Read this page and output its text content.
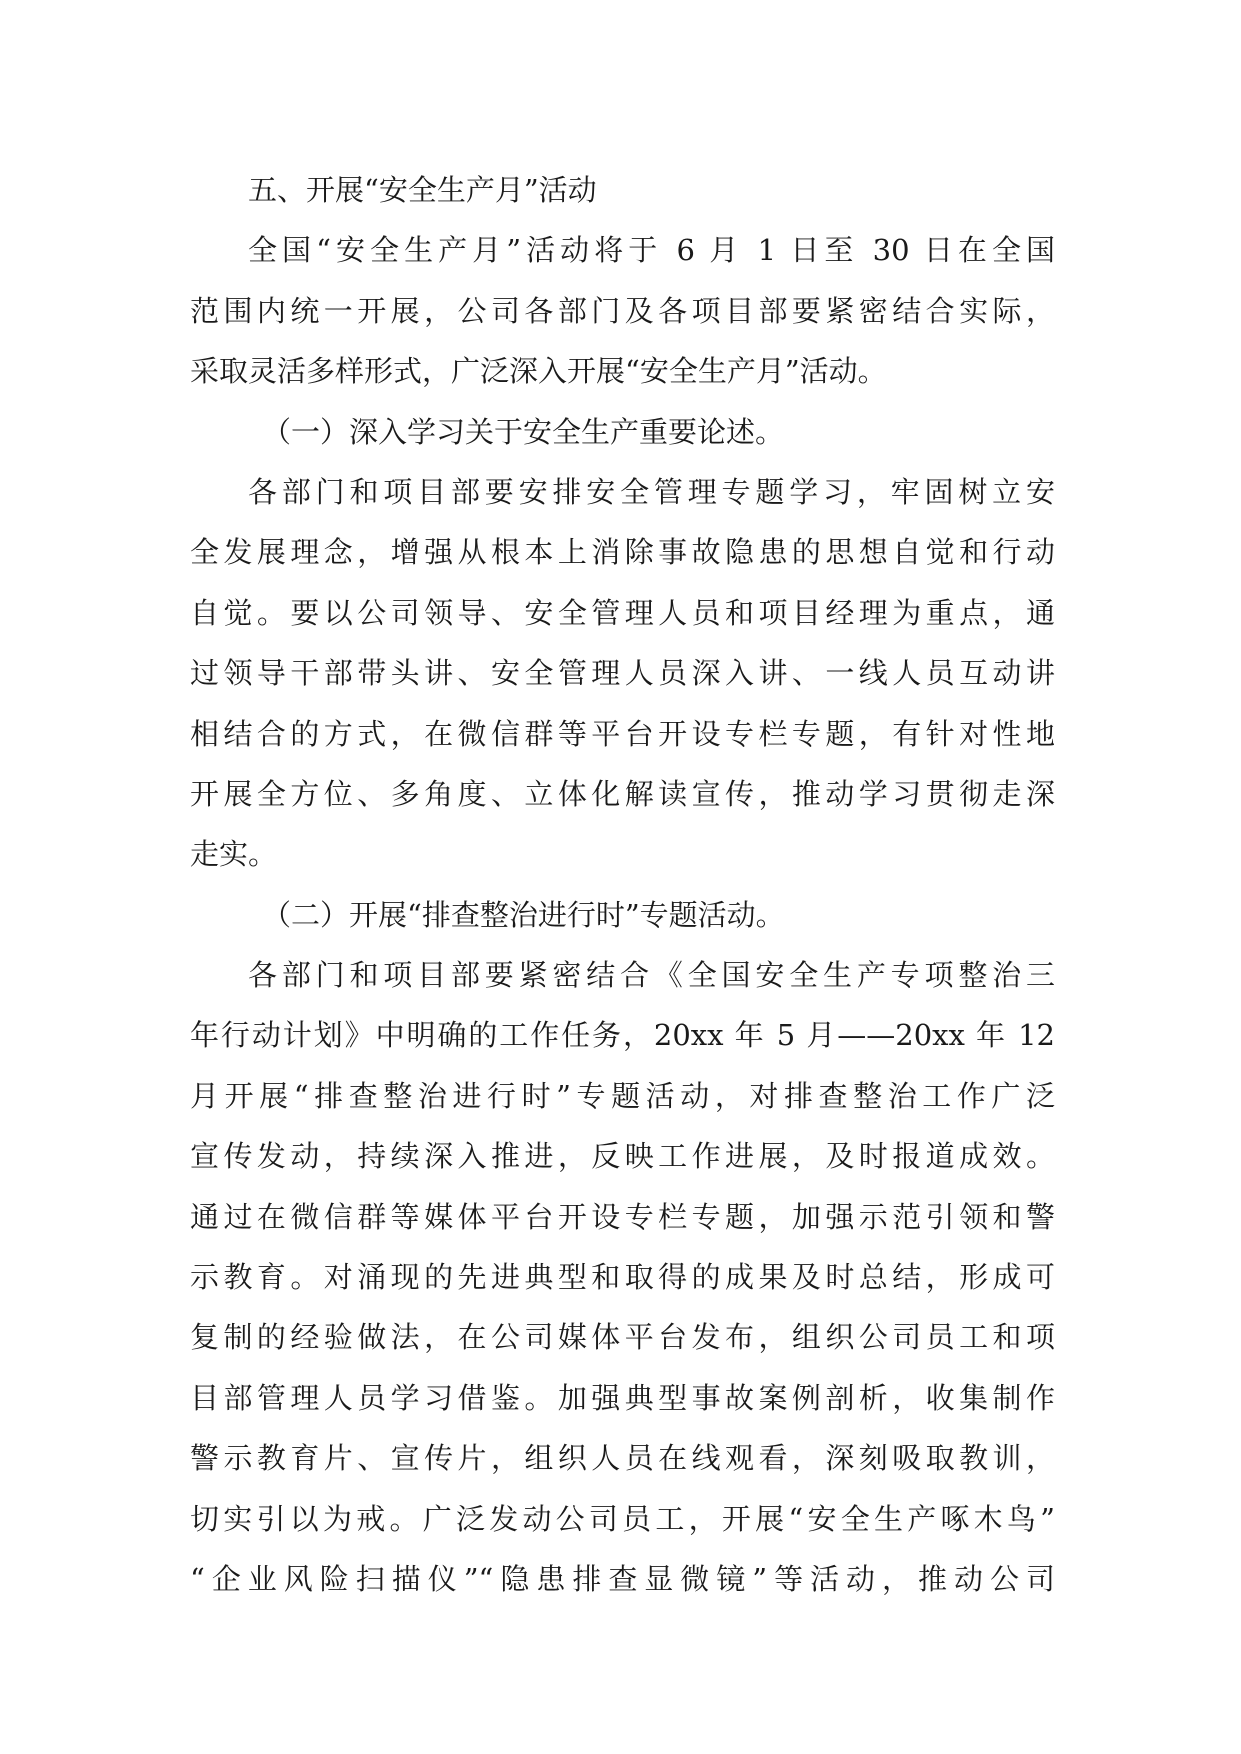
五、开展“安全生产月”活动
全国“安全生产月”活动将于 6 月 1 日至 30 日在全国
范围内统一开展，公司各部门及各项目部要紧密结合实际，
采取灵活多样形式，广泛深入开展“安全生产月”活动。
（一）深入学习关于安全生产重要论述。
各部门和项目部要安排安全管理专题学习，牢固树立安
全发展理念，增强从根本上消除事故隐患的思想自觉和行动
自觉。要以公司领导、安全管理人员和项目经理为重点，通
过领导干部带头讲、安全管理人员深入讲、一线人员互动讲
相结合的方式，在微信群等平台开设专栏专题，有针对性地
开展全方位、多角度、立体化解读宣传，推动学习贯彻走深
走实。
（二）开展“排查整治进行时”专题活动。
各部门和项目部要紧密结合《全国安全生产专项整治三
年行动计划》中明确的工作任务，20xx 年 5 月——20xx 年 12
月开展“排查整治进行时”专题活动，对排查整治工作广泛
宣传发动，持续深入推进，反映工作进展，及时报道成效。
通过在微信群等媒体平台开设专栏专题，加强示范引领和警
示教育。对涌现的先进典型和取得的成果及时总结，形成可
复制的经验做法，在公司媒体平台发布，组织公司员工和项
目部管理人员学习借鉴。加强典型事故案例剖析，收集制作
警示教育片、宣传片，组织人员在线观看，深刻吸取教训，
切实引以为戒。广泛发动公司员工，开展“安全生产啄木鸟”
“企业风险扫描仪”“隐患排查显微镜”等活动，推动公司
